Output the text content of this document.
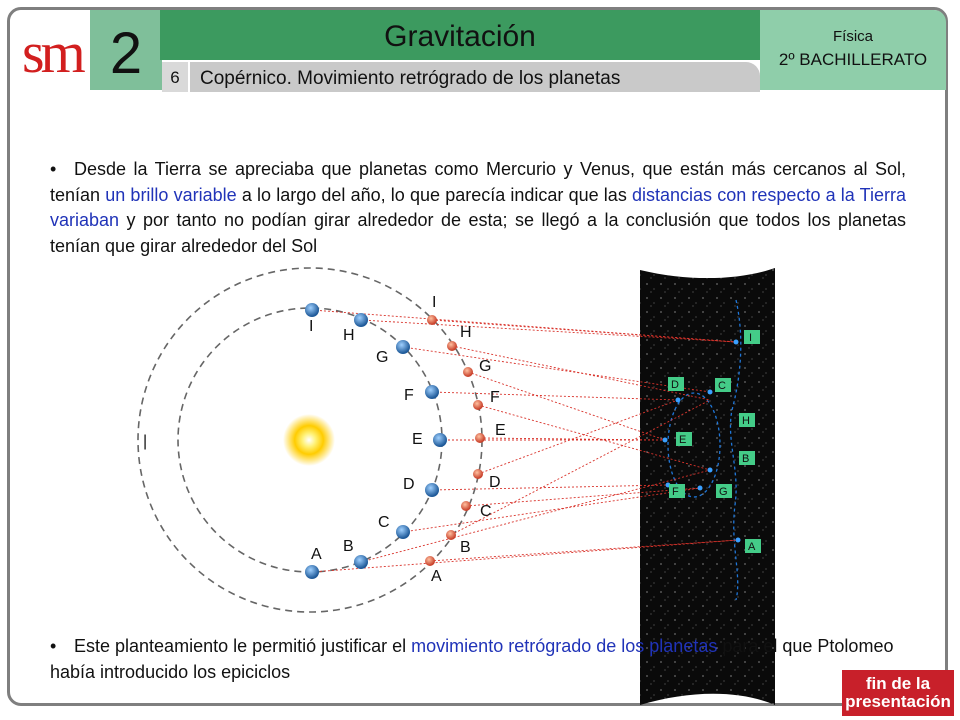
sm 2	Gravitación
6	Copérnico. Movimiento retrógrado de los planetas
Física
2º BACHILLERATO
• Desde la Tierra se apreciaba que planetas como Mercurio y Venus, que están más cercanos al Sol, tenían un brillo variable a lo largo del año, lo que parecía indicar que las distancias con respecto a la Tierra variaban y por tanto no podían girar alrededor de esta; se llegó a la conclusión que todos los planetas tenían que girar alrededor del Sol
|
A B
C
D
E
F
G
H
I
A
B
C
D
E
F
G
H
I
A
B
C
D
E
F	G
H
I
• Este planteamiento le permitió justificar el movimiento retrógrado de los planetas para el que Ptolomeo había introducido los epiciclos
fin de la
presentación
